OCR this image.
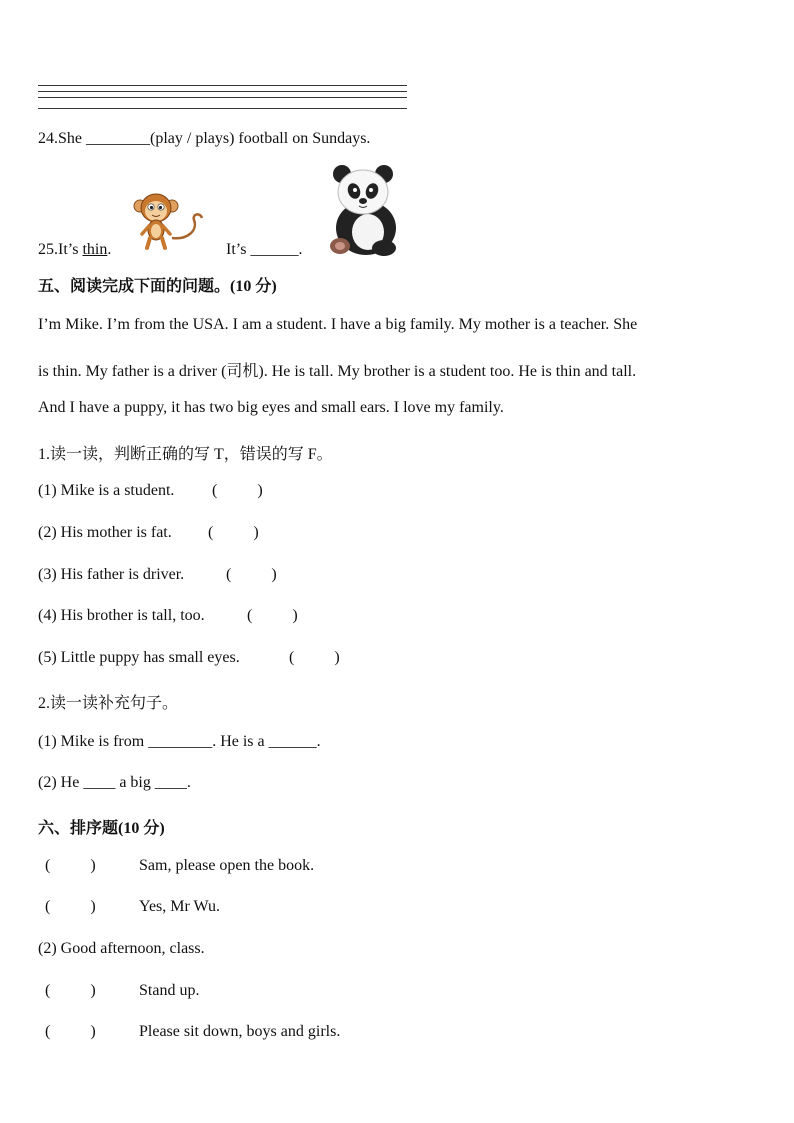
24.She ________(play / plays) football on Sundays.
25.It’s thin.	It’s ______.
五、阅读完成下面的问题。(10 分)
I’m Mike. I’m from the USA. I am a student. I have a big family. My mother is a teacher. She
is thin. My father is a driver (司机). He is tall. My brother is a student too. He is thin and tall.
And I have a puppy, it has two big eyes and small ears. I love my family.
1.读一读，判断正确的写 T，错误的写 F。
(1) Mike is a student. (          )
(2) His mother is fat. (          )
(3) His father is driver.	(          )
(4) His brother is tall, too.	(          )
(5) Little puppy has small eyes.	(          )
2.读一读补充句子。
(1) Mike is from ________. He is a ______.
(2) He ____ a big ____.
六、排序题(10 分)
(          )	Sam, please open the book.
(          )	Yes, Mr Wu.
(2) Good afternoon, class.
(          )	Stand up.
(          )	Please sit down, boys and girls.
